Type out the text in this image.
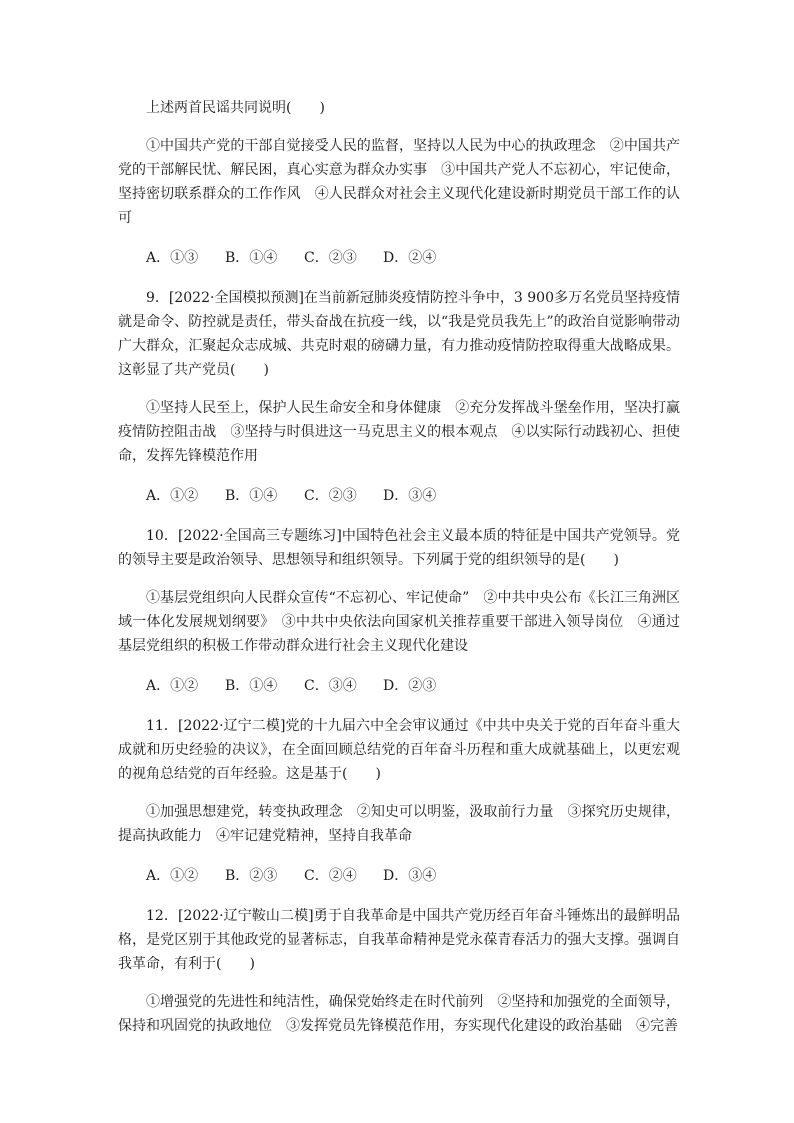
上述两首民谣共同说明(　　)

①中国共产党的干部自觉接受人民的监督，坚持以人民为中心的执政理念　②中国共产党的干部解民忧、解民困，真心实意为群众办实事　③中国共产党人不忘初心，牢记使命，坚持密切联系群众的工作作风　④人民群众对社会主义现代化建设新时期党员干部工作的认可

A．①③ B．①④ C．②③ D．②④

9．[2022·全国模拟预测]在当前新冠肺炎疫情防控斗争中，3 900多万名党员坚持疫情就是命令、防控就是责任，带头奋战在抗疫一线，以“我是党员我先上”的政治自觉影响带动广大群众，汇聚起众志成城、共克时艰的磅礴力量，有力推动疫情防控取得重大战略成果。这彰显了共产党员(　　)

①坚持人民至上，保护人民生命安全和身体健康　②充分发挥战斗堡垒作用，坚决打赢疫情防控阻击战　③坚持与时俱进这一马克思主义的根本观点　④以实际行动践初心、担使命，发挥先锋模范作用

A．①② B．①④ C．②③ D．③④

10．[2022·全国高三专题练习]中国特色社会主义最本质的特征是中国共产党领导。党的领导主要是政治领导、思想领导和组织领导。下列属于党的组织领导的是(　　)

①基层党组织向人民群众宣传“不忘初心、牢记使命”　②中共中央公布《长江三角洲区域一体化发展规划纲要》　③中共中央依法向国家机关推荐重要干部进入领导岗位　④通过基层党组织的积极工作带动群众进行社会主义现代化建设

A．①② B．①④ C．③④ D．②③

11．[2022·辽宁二模]党的十九届六中全会审议通过《中共中央关于党的百年奋斗重大成就和历史经验的决议》，在全面回顾总结党的百年奋斗历程和重大成就基础上，以更宏观的视角总结党的百年经验。这是基于(　　)

①加强思想建党，转变执政理念　②知史可以明鉴，汲取前行力量　③探究历史规律，提高执政能力　④牢记建党精神，坚持自我革命

A．①② B．②③ C．②④ D．③④

12．[2022·辽宁鞍山二模]勇于自我革命是中国共产党历经百年奋斗锤炼出的最鲜明品格，是党区别于其他政党的显著标志，自我革命精神是党永葆青春活力的强大支撑。强调自我革命，有利于(　　)

①增强党的先进性和纯洁性，确保党始终走在时代前列　②坚持和加强党的全面领导，保持和巩固党的执政地位　③发挥党员先锋模范作用，夯实现代化建设的政治基础　④完善
